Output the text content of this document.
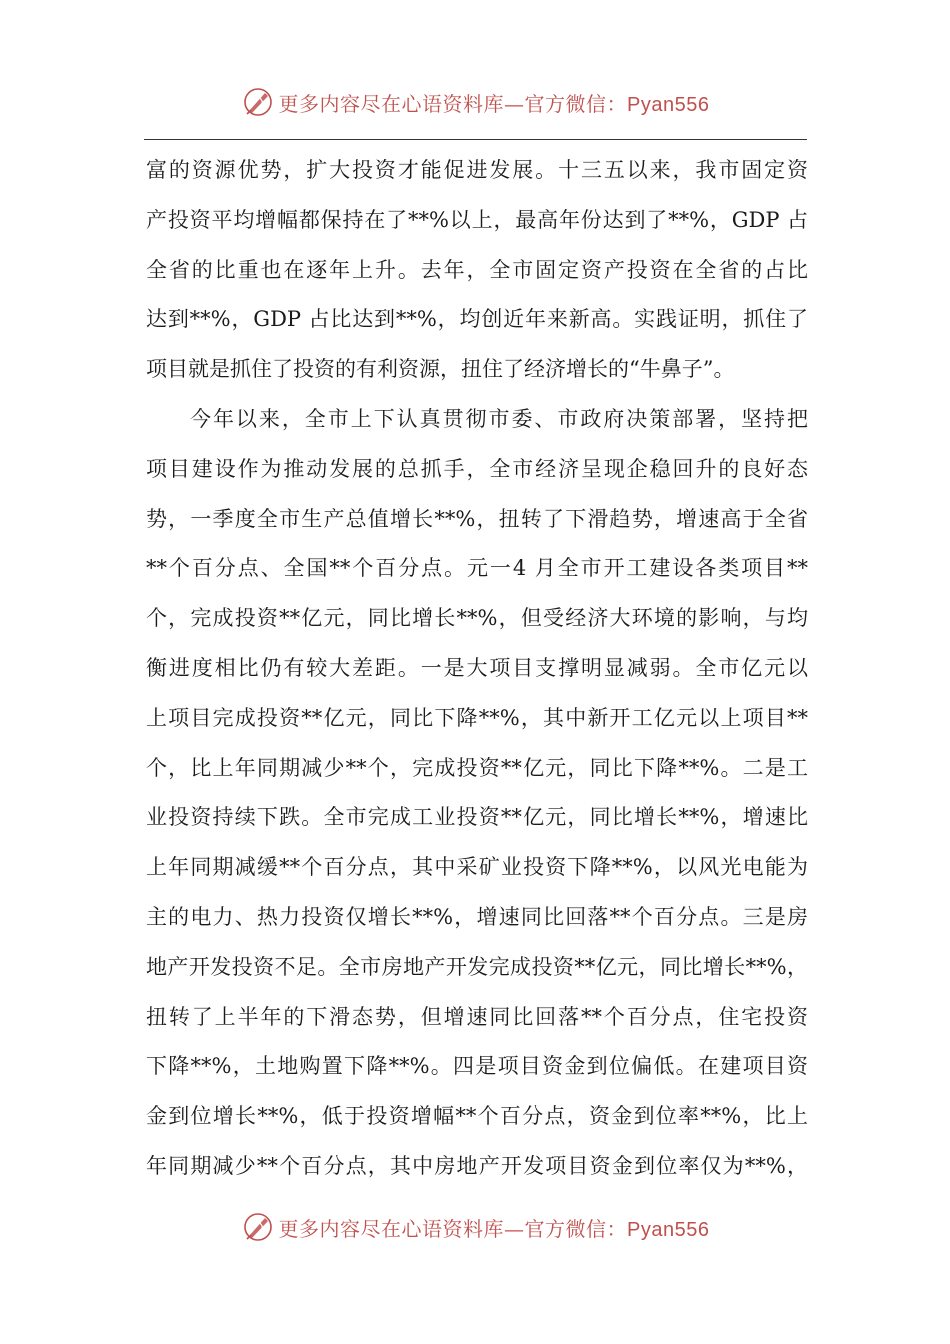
更多内容尽在心语资料库—官方微信：Pyan556
富的资源优势，扩大投资才能促进发展。十三五以来，我市固定资
产投资平均增幅都保持在了**%以上，最高年份达到了**%，GDP 占
全省的比重也在逐年上升。去年，全市固定资产投资在全省的占比
达到**%，GDP 占比达到**%，均创近年来新高。实践证明，抓住了
项目就是抓住了投资的有利资源，扭住了经济增长的“牛鼻子”。
今年以来，全市上下认真贯彻市委、市政府决策部署，坚持把
项目建设作为推动发展的总抓手，全市经济呈现企稳回升的良好态
势，一季度全市生产总值增长**%，扭转了下滑趋势，增速高于全省
**个百分点、全国**个百分点。元一4 月全市开工建设各类项目**
个，完成投资**亿元，同比增长**%，但受经济大环境的影响，与均
衡进度相比仍有较大差距。一是大项目支撑明显减弱。全市亿元以
上项目完成投资**亿元，同比下降**%，其中新开工亿元以上项目**
个，比上年同期减少**个，完成投资**亿元，同比下降**%。二是工
业投资持续下跌。全市完成工业投资**亿元，同比增长**%，增速比
上年同期减缓**个百分点，其中采矿业投资下降**%，以风光电能为
主的电力、热力投资仅增长**%，增速同比回落**个百分点。三是房
地产开发投资不足。全市房地产开发完成投资**亿元，同比增长**%，
扭转了上半年的下滑态势，但增速同比回落**个百分点，住宅投资
下降**%，土地购置下降**%。四是项目资金到位偏低。在建项目资
金到位增长**%，低于投资增幅**个百分点，资金到位率**%，比上
年同期减少**个百分点，其中房地产开发项目资金到位率仅为**%，
更多内容尽在心语资料库—官方微信：Pyan556
